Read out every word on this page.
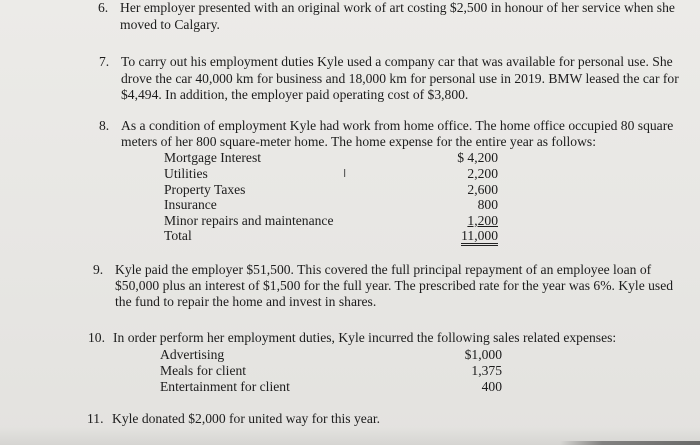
6. Her employer presented with an original work of art costing $2,500 in honour of her service when she
moved to Calgary.
7. To carry out his employment duties Kyle used a company car that was available for personal use. She
drove the car 40,000 km for business and 18,000 km for personal use in 2019. BMW leased the car for
$4,494. In addition, the employer paid operating cost of $3,800.
8. As a condition of employment Kyle had work from home office. The home office occupied 80 square
meters of her 800 square-meter home. The home expense for the entire year as follows:
Mortgage Interest	$ 4,200
Utilities	2,200
Property Taxes	2,600
Insurance	800
Minor repairs and maintenance	1,200
Total	11,000
I
9. Kyle paid the employer $51,500. This covered the full principal repayment of an employee loan of
$50,000 plus an interest of $1,500 for the full year. The prescribed rate for the year was 6%. Kyle used
the fund to repair the home and invest in shares.
10. In order perform her employment duties, Kyle incurred the following sales related expenses:
Advertising	$1,000
Meals for client	1,375
Entertainment for client	400
11. Kyle donated $2,000 for united way for this year.
